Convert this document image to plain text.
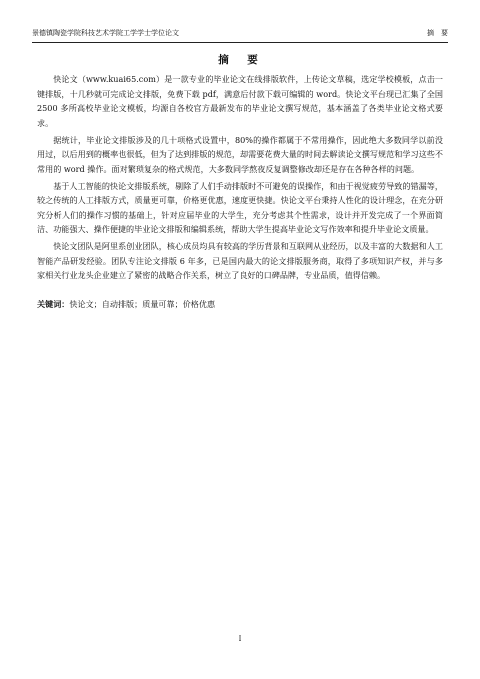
景德镇陶瓷学院科技艺术学院工学学士学位论文	摘　要
摘　要

快论文（www.kuai65.com）是一款专业的毕业论文在线排版软件，上传论文草稿，选定学校模板，点击一键排版，十几秒就可完成论文排版，免费下载 pdf，满意后付款下载可编辑的 word。快论文平台现已汇集了全国 2500 多所高校毕业论文模板，均源自各校官方最新发布的毕业论文撰写规范，基本涵盖了各类毕业论文格式要求。

据统计，毕业论文排版涉及的几十项格式设置中，80%的操作都属于不常用操作，因此绝大多数同学以前没用过，以后用到的概率也很低，但为了达到排版的规范，却需要花费大量的时间去解读论文撰写规范和学习这些不常用的 word 操作。面对繁琐复杂的格式规范，大多数同学熬夜反复调整修改却还是存在各种各样的问题。

基于人工智能的快论文排版系统，剔除了人们手动排版时不可避免的误操作，和由于视觉疲劳导致的错漏等，较之传统的人工排版方式，质量更可靠，价格更优惠，速度更快捷。快论文平台秉持人性化的设计理念，在充分研究分析人们的操作习惯的基础上，针对应届毕业的大学生，充分考虑其个性需求，设计并开发完成了一个界面简洁、功能强大、操作便捷的毕业论文排版和编辑系统，帮助大学生提高毕业论文写作效率和提升毕业论文质量。

快论文团队是阿里系创业团队，核心成员均具有较高的学历背景和互联网从业经历，以及丰富的大数据和人工智能产品研发经验。团队专注论文排版 6 年多，已是国内最大的论文排版服务商，取得了多项知识产权，并与多家相关行业龙头企业建立了紧密的战略合作关系，树立了良好的口碑品牌，专业品质，值得信赖。

关键词：快论文；自动排版；质量可靠；价格优惠
I
